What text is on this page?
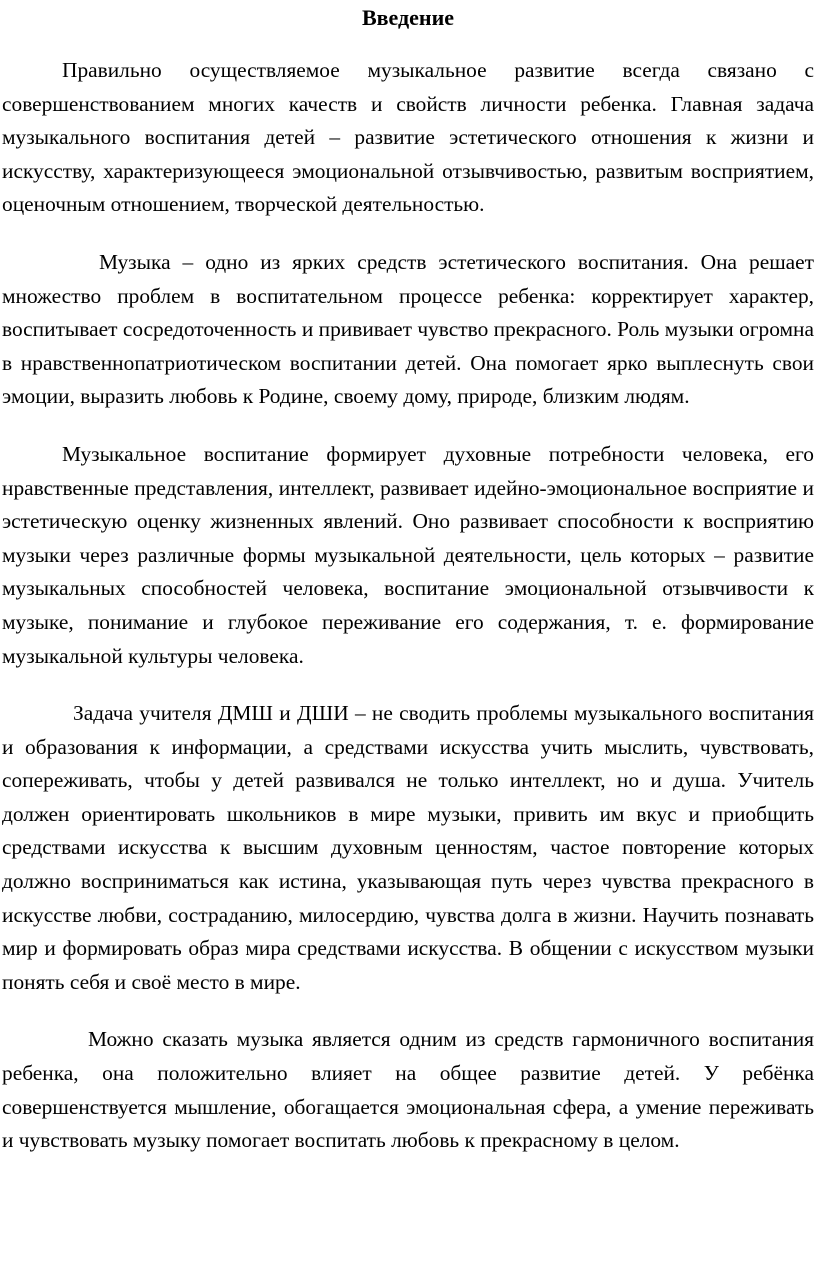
Введение

Правильно осуществляемое музыкальное развитие всегда связано с совершенствованием многих качеств и свойств личности ребенка. Главная задача музыкального воспитания детей – развитие эстетического отношения к жизни и искусству, характеризующееся эмоциональной отзывчивостью, развитым восприятием, оценочным отношением, творческой деятельностью.

Музыка – одно из ярких средств эстетического воспитания. Она решает множество проблем в воспитательном процессе ребенка: корректирует характер, воспитывает сосредоточенность и прививает чувство прекрасного. Роль музыки огромна в нравственнопатриотическом воспитании детей. Она помогает ярко выплеснуть свои эмоции, выразить любовь к Родине, своему дому, природе, близким людям.

Музыкальное воспитание формирует духовные потребности человека, его нравственные представления, интеллект, развивает идейно-эмоциональное восприятие и эстетическую оценку жизненных явлений. Оно развивает способности к восприятию музыки через различные формы музыкальной деятельности, цель которых – развитие музыкальных способностей человека, воспитание эмоциональной отзывчивости к музыке, понимание и глубокое переживание его содержания, т. е. формирование музыкальной культуры человека.

Задача учителя ДМШ и ДШИ – не сводить проблемы музыкального воспитания и образования к информации, а средствами искусства учить мыслить, чувствовать, сопереживать, чтобы у детей развивался не только интеллект, но и душа. Учитель должен ориентировать школьников в мире музыки, привить им вкус и приобщить средствами искусства к высшим духовным ценностям, частое повторение которых должно восприниматься как истина, указывающая путь через чувства прекрасного в искусстве любви, состраданию, милосердию, чувства долга в жизни. Научить познавать мир и формировать образ мира средствами искусства. В общении с искусством музыки понять себя и своё место в мире.

Можно сказать музыка является одним из средств гармоничного воспитания ребенка, она положительно влияет на общее развитие детей. У ребёнка совершенствуется мышление, обогащается эмоциональная сфера, а умение переживать и чувствовать музыку помогает воспитать любовь к прекрасному в целом.
